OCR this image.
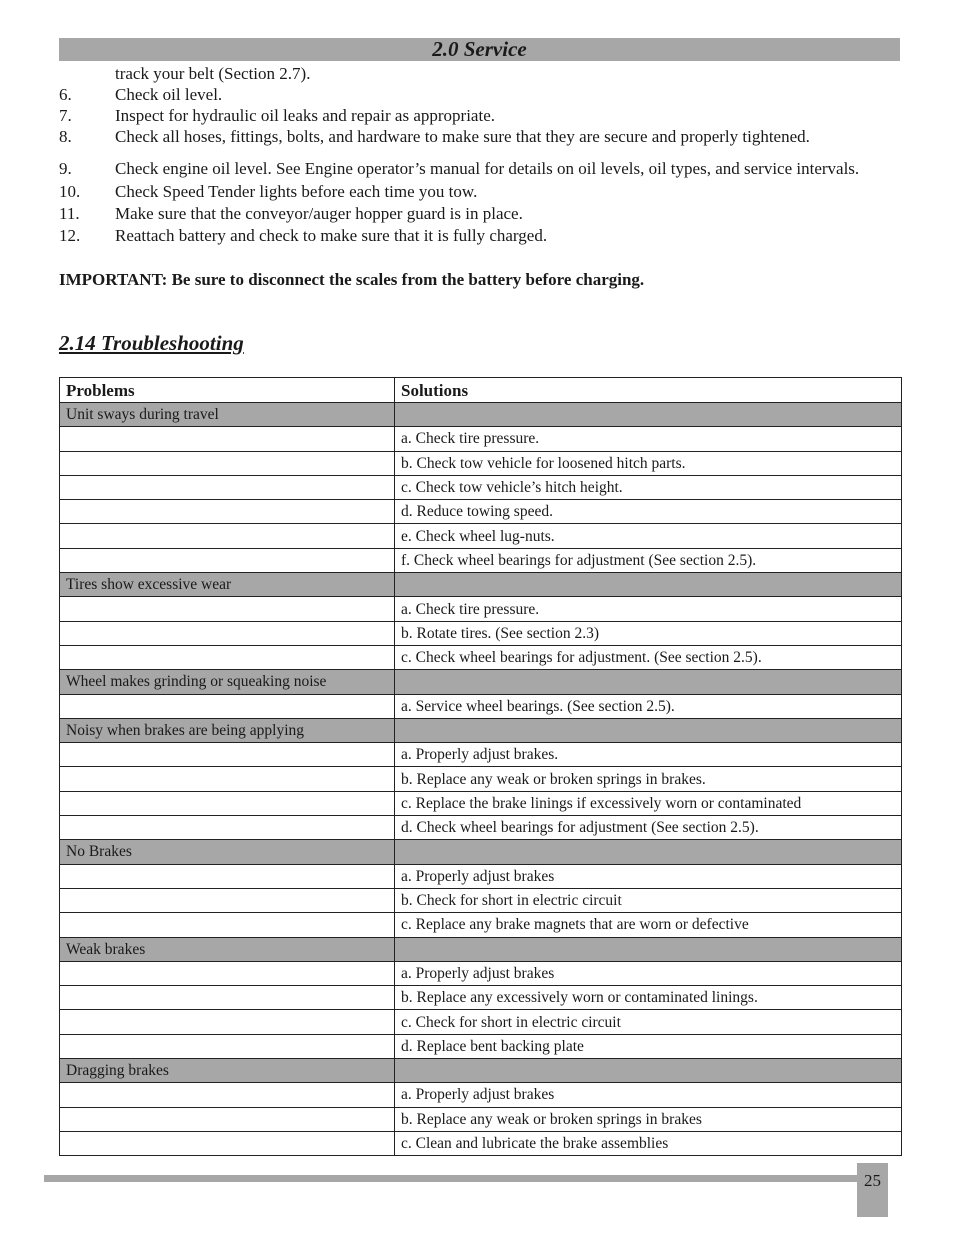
2.0 Service
track your belt (Section 2.7).
6.	Check oil level.
7.	Inspect for hydraulic oil leaks and repair as appropriate.
8.	Check all hoses, fittings, bolts, and hardware to make sure that they are secure and properly tightened.
9.	Check engine oil level. See Engine operator’s manual for details on oil levels, oil types, and service intervals.
10. Check Speed Tender lights before each time you tow.
11. Make sure that the conveyor/auger hopper guard is in place.
12. Reattach battery and check to make sure that it is fully charged.
IMPORTANT: Be sure to disconnect the scales from the battery before charging.
2.14 Troubleshooting
Problems	Solutions
Unit sways during travel	
	a. Check tire pressure.
	b. Check tow vehicle for loosened hitch parts.
	c. Check tow vehicle’s hitch height.
	d. Reduce towing speed.
	e. Check wheel lug-nuts.
	f. Check wheel bearings for adjustment (See section 2.5).
Tires show excessive wear	
	a. Check tire pressure.
	b. Rotate tires. (See section 2.3)
	c. Check wheel bearings for adjustment. (See section 2.5).
Wheel makes grinding or squeaking noise	
	a. Service wheel bearings. (See section 2.5).
Noisy when brakes are being applying	
	a. Properly adjust brakes.
	b. Replace any weak or broken springs in brakes.
	c. Replace the brake linings if excessively worn or contaminated
	d. Check wheel bearings for adjustment (See section 2.5).
No Brakes	
	a. Properly adjust brakes
	b. Check for short in electric circuit
	c. Replace any brake magnets that are worn or defective
Weak brakes	
	a. Properly adjust brakes
	b. Replace any excessively worn or contaminated linings.
	c. Check for short in electric circuit
	d. Replace bent backing plate
Dragging brakes	
	a. Properly adjust brakes
	b. Replace any weak or broken springs in brakes
	c. Clean and lubricate the brake assemblies
25
